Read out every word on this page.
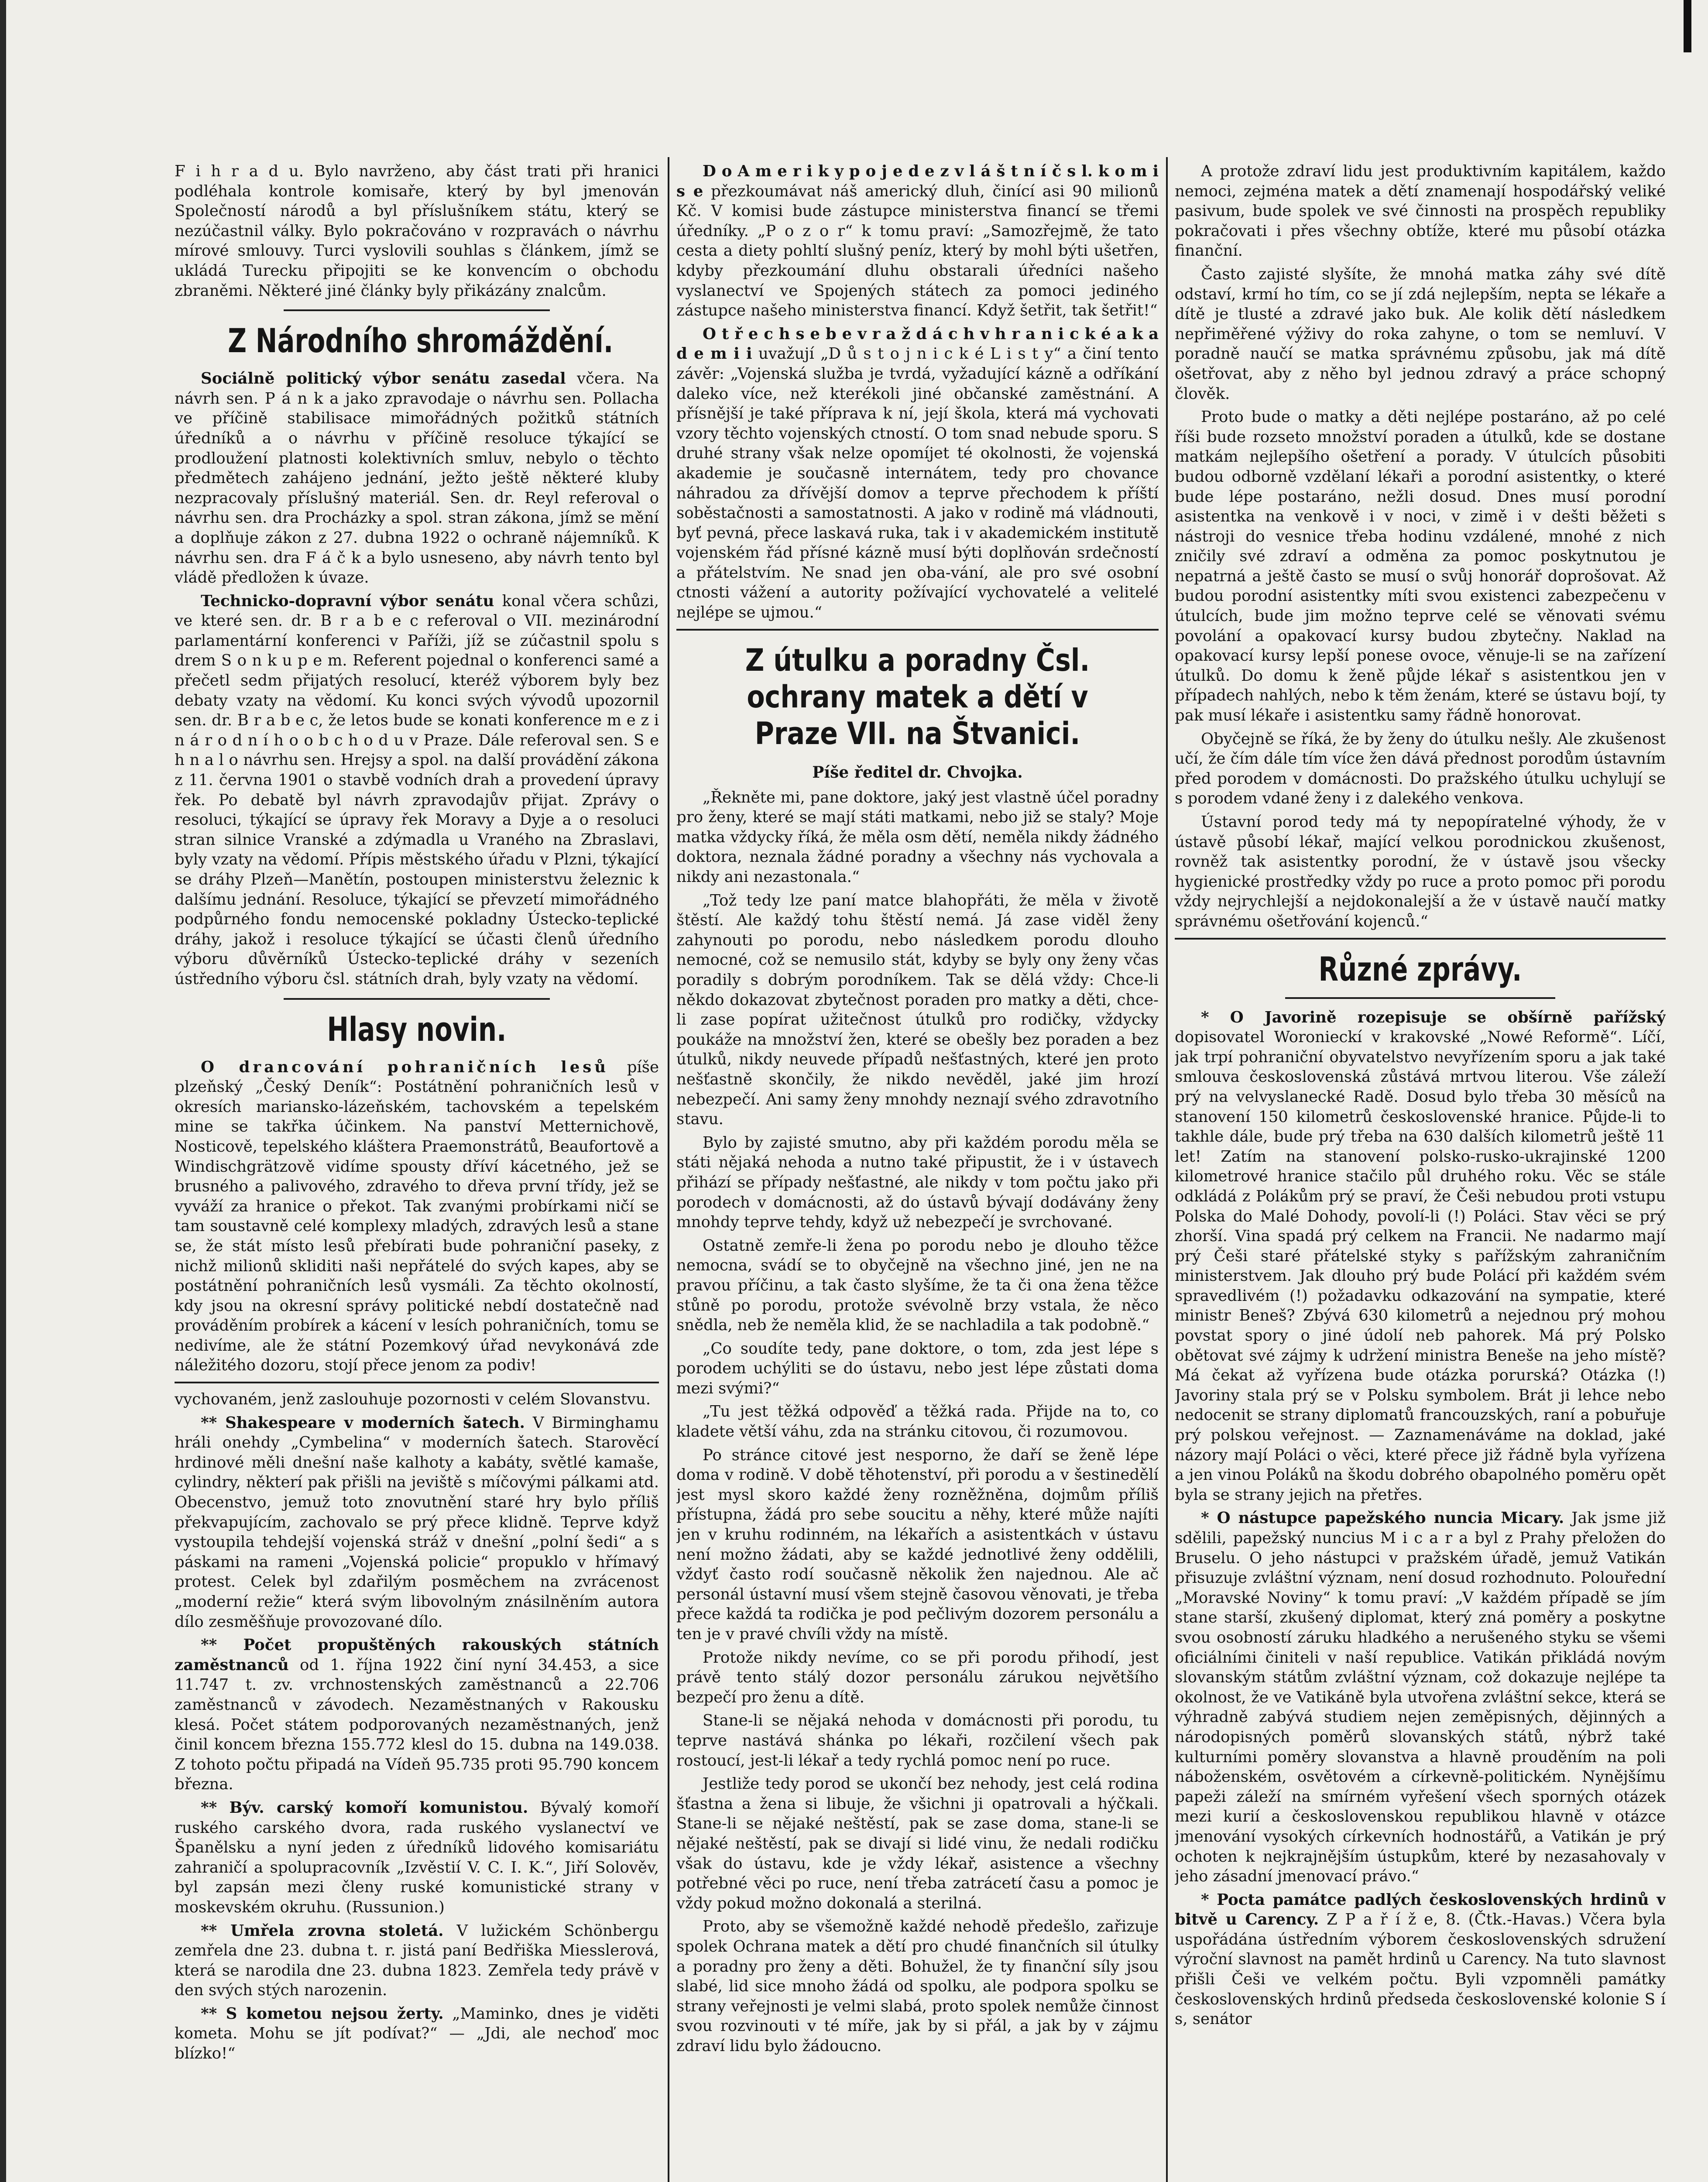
F i h r a d u. Bylo navrženo, aby část trati při hranici podléhala kontrole komisaře, který by byl jmenován Společností národů a byl příslušníkem státu, který se nezúčastnil války. Bylo pokračováno v rozpravách o návrhu mírové smlouvy. Turci vyslovili souhlas s článkem, jímž se ukládá Turecku připojiti se ke konvencím o obchodu zbraněmi. Některé jiné články byly přikázány znalcům.

Z Národního shromáždění.

Sociálně politický výbor senátu zasedal včera. Na návrh sen. P á n k a jako zpravodaje o návrhu sen. Pollacha ve příčině stabilisace mimořádných požitků státních úředníků a o návrhu v příčině resoluce týkající se prodloužení platnosti kolektivních smluv, nebylo o těchto předmětech zahájeno jednání, ježto ještě některé kluby nezpracovaly příslušný materiál. Sen. dr. Reyl referoval o návrhu sen. dra Procházky a spol. stran zákona, jímž se mění a doplňuje zákon z 27. dubna 1922 o ochraně nájemníků. K návrhu sen. dra F á č k a bylo usneseno, aby návrh tento byl vládě předložen k úvaze.

Technicko-dopravní výbor senátu konal včera schůzi, ve které sen. dr. B r a b e c referoval o VII. mezinárodní parlamentární konferenci v Paříži, jíž se zúčastnil spolu s drem S o n k u p e m. Referent pojednal o konferenci samé a přečetl sedm přijatých resolucí, kteréž výborem byly bez debaty vzaty na vědomí. Ku konci svých vývodů upozornil sen. dr. B r a b e c, že letos bude se konati konference m e z i n á r o d n í h o o b c h o d u v Praze. Dále referoval sen. S e h n a l o návrhu sen. Hrejsy a spol. na další provádění zákona z 11. června 1901 o stavbě vodních drah a provedení úpravy řek. Po debatě byl návrh zpravodajův přijat. Zprávy o resoluci, týkající se úpravy řek Moravy a Dyje a o resoluci stran silnice Vranské a zdýmadla u Vraného na Zbraslavi, byly vzaty na vědomí. Přípis městského úřadu v Plzni, týkající se dráhy Plzeň—Manětín, postoupen ministerstvu železnic k dalšímu jednání. Resoluce, týkající se převzetí mimořádného podpůrného fondu nemocenské pokladny Ústecko-teplické dráhy, jakož i resoluce týkající se účasti členů úředního výboru důvěrníků Ústecko-teplické dráhy v sezeních ústředního výboru čsl. státních drah, byly vzaty na vědomí.

Hlasy novin.

O drancování pohraničních lesů píše plzeňský „Český Deník“: Postátnění pohraničních lesů v okresích mariansko-lázeňském, tachovském a tepelském mine se takřka účinkem. Na panství Metternichově, Nosticově, tepelského kláštera Praemonstrátů, Beaufortově a Windischgrätzově vidíme spousty dříví kácetného, jež se brusného a palivového, zdravého to dřeva první třídy, jež se vyváží za hranice o překot. Tak zvanými probírkami ničí se tam soustavně celé komplexy mladých, zdravých lesů a stane se, že stát místo lesů přebírati bude pohraniční paseky, z nichž milionů skliditi naši nepřátelé do svých kapes, aby se postátnění pohraničních lesů vysmáli. Za těchto okolností, kdy jsou na okresní správy politické nebdí dostatečně nad prováděním probírek a kácení v lesích pohraničních, tomu se nedivíme, ale že státní Pozemkový úřad nevykonává zde náležitého dozoru, stojí přece jenom za podiv!

vychovaném, jenž zaslouhuje pozornosti v celém Slovanstvu.

** Shakespeare v moderních šatech. V Birminghamu hráli onehdy „Cymbelina“ v moderních šatech. Starověcí hrdinové měli dnešní naše kalhoty a kabáty, světlé kamaše, cylindry, některí pak přišli na jeviště s míčovými pálkami atd. Obecenstvo, jemuž toto znovutnění staré hry bylo příliš překvapujícím, zachovalo se prý přece klidně. Teprve když vystoupila tehdejší vojenská stráž v dnešní „polní šedi“ a s páskami na rameni „Vojenská policie“ propuklo v hřímavý protest. Celek byl zdařilým posměchem na zvrácenost „moderní režie“ která svým libovolným znásilněním autora dílo zesměšňuje provozované dílo.

** Počet propuštěných rakouských státních zaměstnanců od 1. října 1922 činí nyní 34.453, a sice 11.747 t. zv. vrchnostenských zaměstnanců a 22.706 zaměstnanců v závodech. Nezaměstnaných v Rakousku klesá. Počet státem podporovaných nezaměstnaných, jenž činil koncem března 155.772 klesl do 15. dubna na 149.038. Z tohoto počtu připadá na Vídeň 95.735 proti 95.790 koncem března.

** Býv. carský komoří komunistou. Bývalý komoří ruského carského dvora, rada ruského vyslanectví ve Španělsku a nyní jeden z úředníků lidového komisariátu zahraničí a spolupracovník „Izvěstií V. C. I. K.“, Jiří Solověv, byl zapsán mezi členy ruské komunistické strany v moskevském okruhu. (Russunion.)

** Umřela zrovna stoletá. V lužickém Schönbergu zemřela dne 23. dubna t. r. jistá paní Bedřiška Miesslerová, která se narodila dne 23. dubna 1823. Zemřela tedy právě v den svých stých narozenin.

** S kometou nejsou žerty. „Maminko, dnes je viděti kometa. Mohu se jít podívat?“ — „Jdi, ale nechoď moc blízko!“

D o A m e r i k y p o j e d e z v l á š t n í č s l. k o m i s e přezkoumávat náš americký dluh, činící asi 90 milionů Kč. V komisi bude zástupce ministerstva financí se třemi úředníky. „P o z o r“ k tomu praví: „Samozřejmě, že tato cesta a diety pohltí slušný peníz, který by mohl býti ušetřen, kdyby přezkoumání dluhu obstarali úředníci našeho vyslanectví ve Spojených státech za pomoci jediného zástupce našeho ministerstva financí. Když šetřit, tak šetřit!“

O t ř e c h s e b e v r a ž d á c h v h r a n i c k é a k a d e m i i uvažují „D ů s t o j n i c k é L i s t y“ a činí tento závěr: „Vojenská služba je tvrdá, vyžadující kázně a odříkání daleko více, než kterékoli jiné občanské zaměstnání. A přísnější je také příprava k ní, její škola, která má vychovati vzory těchto vojenských ctností. O tom snad nebude sporu. S druhé strany však nelze opomíjet té okolnosti, že vojenská akademie je současně internátem, tedy pro chovance náhradou za dřívější domov a teprve přechodem k příští soběstačnosti a samostatnosti. A jako v rodině má vládnouti, byť pevná, přece laskavá ruka, tak i v akademickém institutě vojenském řád přísné kázně musí býti doplňován srdečností a přátelstvím. Ne snad jen oba-vání, ale pro své osobní ctnosti vážení a autority požívající vychovatelé a velitelé nejlépe se ujmou.“

Z útulku a poradny Čsl. ochrany matek a dětí v Praze VII. na Štvanici.

Píše ředitel dr. Chvojka.

„Řekněte mi, pane doktore, jaký jest vlastně účel poradny pro ženy, které se mají státi matkami, nebo již se staly? Moje matka vždycky říká, že měla osm dětí, neměla nikdy žádného doktora, neznala žádné poradny a všechny nás vychovala a nikdy ani nezastonala.“

„Tož tedy lze paní matce blahopřáti, že měla v životě štěstí. Ale každý tohu štěstí nemá. Já zase viděl ženy zahynouti po porodu, nebo následkem porodu dlouho nemocné, což se nemusilo stát, kdyby se byly ony ženy včas poradily s dobrým porodníkem. Tak se dělá vždy: Chce-li někdo dokazovat zbytečnost poraden pro matky a děti, chce-li zase popírat užitečnost útulků pro rodičky, vždycky poukáže na množství žen, které se obešly bez poraden a bez útulků, nikdy neuvede případů nešťastných, které jen proto nešťastně skončily, že nikdo nevěděl, jaké jim hrozí nebezpečí. Ani samy ženy mnohdy neznají svého zdravotního stavu.

Bylo by zajisté smutno, aby při každém porodu měla se státi nějaká nehoda a nutno také připustit, že i v ústavech přihází se případy nešťastné, ale nikdy v tom počtu jako při porodech v domácnosti, až do ústavů bývají dodávány ženy mnohdy teprve tehdy, když už nebezpečí je svrchované.

Ostatně zemře-li žena po porodu nebo je dlouho těžce nemocna, svádí se to obyčejně na všechno jiné, jen ne na pravou příčinu, a tak často slyšíme, že ta či ona žena těžce stůně po porodu, protože svévolně brzy vstala, že něco snědla, neb že neměla klid, že se nachladila a tak podobně.“

„Co soudíte tedy, pane doktore, o tom, zda jest lépe s porodem uchýliti se do ústavu, nebo jest lépe zůstati doma mezi svými?“

„Tu jest těžká odpověď a těžká rada. Přijde na to, co kladete větší váhu, zda na stránku citovou, či rozumovou.

Po stránce citové jest nesporno, že daří se ženě lépe doma v rodině. V době těhotenství, při porodu a v šestinedělí jest mysl skoro každé ženy rozněžněna, dojmům příliš přístupna, žádá pro sebe soucitu a něhy, které může najíti jen v kruhu rodinném, na lékařích a asistentkách v ústavu není možno žádati, aby se každé jednotlivé ženy oddělili, vždyť často rodí současně několik žen najednou. Ale ač personál ústavní musí všem stejně časovou věnovati, je třeba přece každá ta rodička je pod pečlivým dozorem personálu a ten je v pravé chvíli vždy na místě.

Protože nikdy nevíme, co se při porodu přihodí, jest právě tento stálý dozor personálu zárukou největšího bezpečí pro ženu a dítě.

Stane-li se nějaká nehoda v domácnosti při porodu, tu teprve nastává shánka po lékaři, rozčilení všech pak rostoucí, jest-li lékař a tedy rychlá pomoc není po ruce.

Jestliže tedy porod se ukončí bez nehody, jest celá rodina šťastna a žena si libuje, že všichni ji opatrovali a hýčkali. Stane-li se nějaké neštěstí, pak se zase doma, stane-li se nějaké neštěstí, pak se divají si lidé vinu, že nedali rodičku však do ústavu, kde je vždy lékař, asistence a všechny potřebné věci po ruce, není třeba zatrácetí času a pomoc je vždy pokud možno dokonalá a sterilná.

Proto, aby se všemožně každé nehodě předešlo, zařizuje spolek Ochrana matek a dětí pro chudé finančních sil útulky a poradny pro ženy a děti. Bohužel, že ty finanční síly jsou slabé, lid sice mnoho žádá od spolku, ale podpora spolku se strany veřejnosti je velmi slabá, proto spolek nemůže činnost svou rozvinouti v té míře, jak by si přál, a jak by v zájmu zdraví lidu bylo žádoucno.

A protože zdraví lidu jest produktivním kapitálem, každo nemoci, zejména matek a dětí znamenají hospodářský veliké pasivum, bude spolek ve své činnosti na prospěch republiky pokračovati i přes všechny obtíže, které mu působí otázka finanční.

Často zajisté slyšíte, že mnohá matka záhy své dítě odstaví, krmí ho tím, co se jí zdá nejlepším, nepta se lékaře a dítě je tlusté a zdravé jako buk. Ale kolik dětí následkem nepřiměřené výživy do roka zahyne, o tom se nemluví. V poradně naučí se matka správnému způsobu, jak má dítě ošetřovat, aby z něho byl jednou zdravý a práce schopný člověk.

Proto bude o matky a děti nejlépe postaráno, až po celé říši bude rozseto množství poraden a útulků, kde se dostane matkám nejlepšího ošetření a porady. V útulcích působiti budou odborně vzdělaní lékaři a porodní asistentky, o které bude lépe postaráno, nežli dosud. Dnes musí porodní asistentka na venkově i v noci, v zimě i v dešti běžeti s nástroji do vesnice třeba hodinu vzdálené, mnohé z nich zničily své zdraví a odměna za pomoc poskytnutou je nepatrná a ještě často se musí o svůj honorář doprošovat. Až budou porodní asistentky míti svou existenci zabezpečenu v útulcích, bude jim možno teprve celé se věnovati svému povolání a opakovací kursy budou zbytečny. Naklad na opakovací kursy lepší ponese ovoce, věnuje-li se na zařízení útulků. Do domu k ženě půjde lékař s asistentkou jen v případech nahlých, nebo k těm ženám, které se ústavu bojí, ty pak musí lékaře i asistentku samy řádně honorovat.

Obyčejně se říká, že by ženy do útulku nešly. Ale zkušenost učí, že čím dále tím více žen dává přednost porodům ústavním před porodem v domácnosti. Do pražského útulku uchylují se s porodem vdané ženy i z dalekého venkova.

Ústavní porod tedy má ty nepopíratelné výhody, že v ústavě působí lékař, mající velkou porodnickou zkušenost, rovněž tak asistentky porodní, že v ústavě jsou všecky hygienické prostředky vždy po ruce a proto pomoc při porodu vždy nejrychlejší a nejdokonalejší a že v ústavě naučí matky správnému ošetřování kojenců.“

Různé zprávy.

* O Javorině rozepisuje se obšírně pařížský dopisovatel Woronieckí v krakovské „Nowé Reformě“. Líčí, jak trpí pohraniční obyvatelstvo nevyřízením sporu a jak také smlouva československá zůstává mrtvou literou. Vše záleží prý na velvyslanecké Radě. Dosud bylo třeba 30 měsíců na stanovení 150 kilometrů československé hranice. Půjde-li to takhle dále, bude prý třeba na 630 dalších kilometrů ještě 11 let! Zatím na stanovení polsko-rusko-ukrajinské 1200 kilometrové hranice stačilo půl druhého roku. Věc se stále odkládá z Polákům prý se praví, že Češi nebudou proti vstupu Polska do Malé Dohody, povolí-li (!) Poláci. Stav věci se prý zhorší. Vina spadá prý celkem na Francii. Ne nadarmo mají prý Češi staré přátelské styky s pařížským zahraničním ministerstvem. Jak dlouho prý bude Polácí při každém svém spravedlivém (!) požadavku odkazování na sympatie, které ministr Beneš? Zbývá 630 kilometrů a nejednou prý mohou povstat spory o jiné údolí neb pahorek. Má prý Polsko obětovat své zájmy k udržení ministra Beneše na jeho místě? Má čekat až vyřízena bude otázka porurská? Otázka (!) Javoriny stala prý se v Polsku symbolem. Brát ji lehce nebo nedocenit se strany diplomatů francouzských, raní a pobuřuje prý polskou veřejnost. — Zaznamenáváme na doklad, jaké názory mají Poláci o věci, které přece již řádně byla vyřízena a jen vinou Poláků na škodu dobrého obapolného poměru opět byla se strany jejich na přetřes.

* O nástupce papežského nuncia Micary. Jak jsme již sdělili, papežský nuncius M i c a r a byl z Prahy přeložen do Bruselu. O jeho nástupci v pražském úřadě, jemuž Vatikán přisuzuje zvláštní význam, není dosud rozhodnuto. Polouřední „Moravské Noviny“ k tomu praví: „V každém případě se jím stane starší, zkušený diplomat, který zná poměry a poskytne svou osobností záruku hladkého a nerušeného styku se všemi oficiálními činiteli v naší republice. Vatikán přikládá novým slovanským státům zvláštní význam, což dokazuje nejlépe ta okolnost, že ve Vatikáně byla utvořena zvláštní sekce, která se výhradně zabývá studiem nejen zeměpisných, dějinných a národopisných poměrů slovanských států, nýbrž také kulturními poměry slovanstva a hlavně prouděním na poli náboženském, osvětovém a církevně-politickém. Nynějšímu papeži záleží na smírném vyřešení všech sporných otázek mezi kurií a československou republikou hlavně v otázce jmenování vysokých církevních hodnostářů, a Vatikán je prý ochoten k nejkrajnějším ústupkům, které by nezasahovaly v jeho zásadní jmenovací právo.“

* Pocta památce padlých československých hrdinů v bitvě u Carency. Z P a ř í ž e, 8. (Čtk.-Havas.) Včera byla uspořádána ústředním výborem československých sdružení výroční slavnost na pamět hrdinů u Carency. Na tuto slavnost přišli Češi ve velkém počtu. Byli vzpomněli památky československých hrdinů předseda československé kolonie S í s, senátor
